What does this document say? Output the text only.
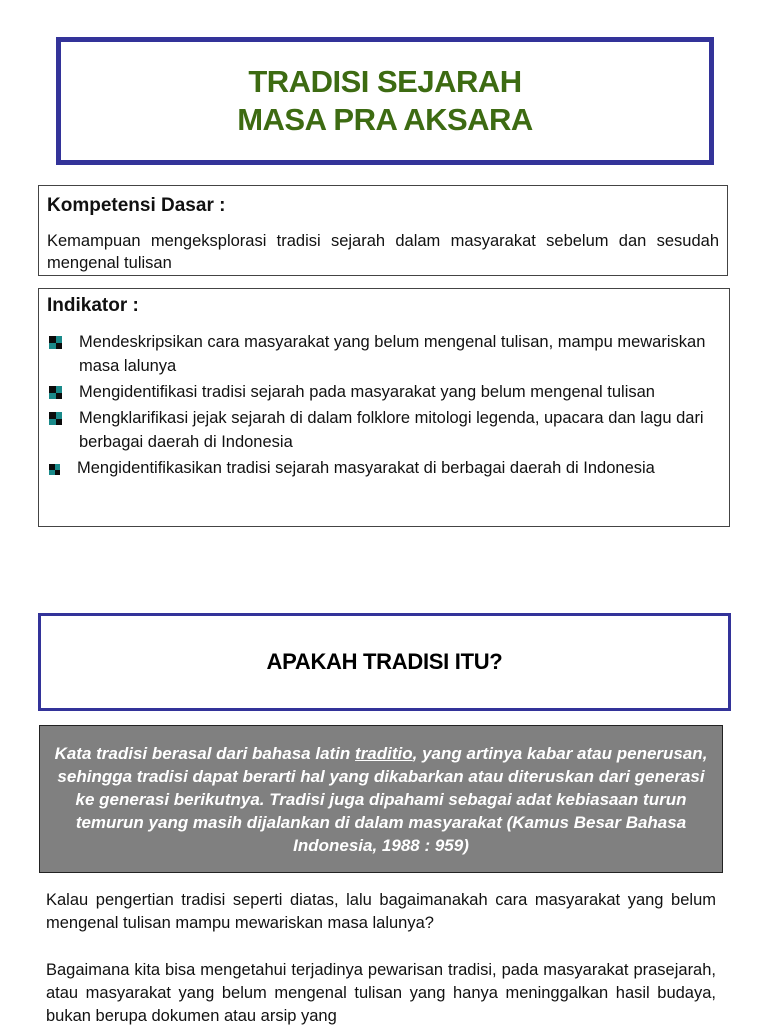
TRADISI SEJARAH
MASA PRA AKSARA
Kompetensi Dasar :
Kemampuan mengeksplorasi tradisi sejarah dalam masyarakat sebelum dan sesudah mengenal tulisan
Indikator :
Mendeskripsikan cara masyarakat yang belum mengenal tulisan, mampu mewariskan masa lalunya
Mengidentifikasi tradisi sejarah pada masyarakat yang belum mengenal tulisan
Mengklarifikasi jejak sejarah di dalam folklore mitologi legenda, upacara dan lagu dari berbagai daerah di Indonesia
Mengidentifikasikan tradisi sejarah masyarakat di berbagai daerah di Indonesia
APAKAH TRADISI ITU?
Kata tradisi berasal dari bahasa latin traditio, yang artinya kabar atau penerusan, sehingga tradisi dapat berarti hal yang dikabarkan atau diteruskan dari generasi ke generasi berikutnya. Tradisi juga dipahami sebagai adat kebiasaan turun temurun yang masih dijalankan di dalam masyarakat (Kamus Besar Bahasa Indonesia, 1988 : 959)
Kalau pengertian tradisi seperti diatas, lalu bagaimanakah cara masyarakat yang belum mengenal tulisan mampu mewariskan masa lalunya?
Bagaimana kita bisa mengetahui terjadinya pewarisan tradisi, pada masyarakat prasejarah, atau masyarakat yang belum mengenal tulisan yang hanya meninggalkan hasil budaya, bukan berupa dokumen atau arsip yang
